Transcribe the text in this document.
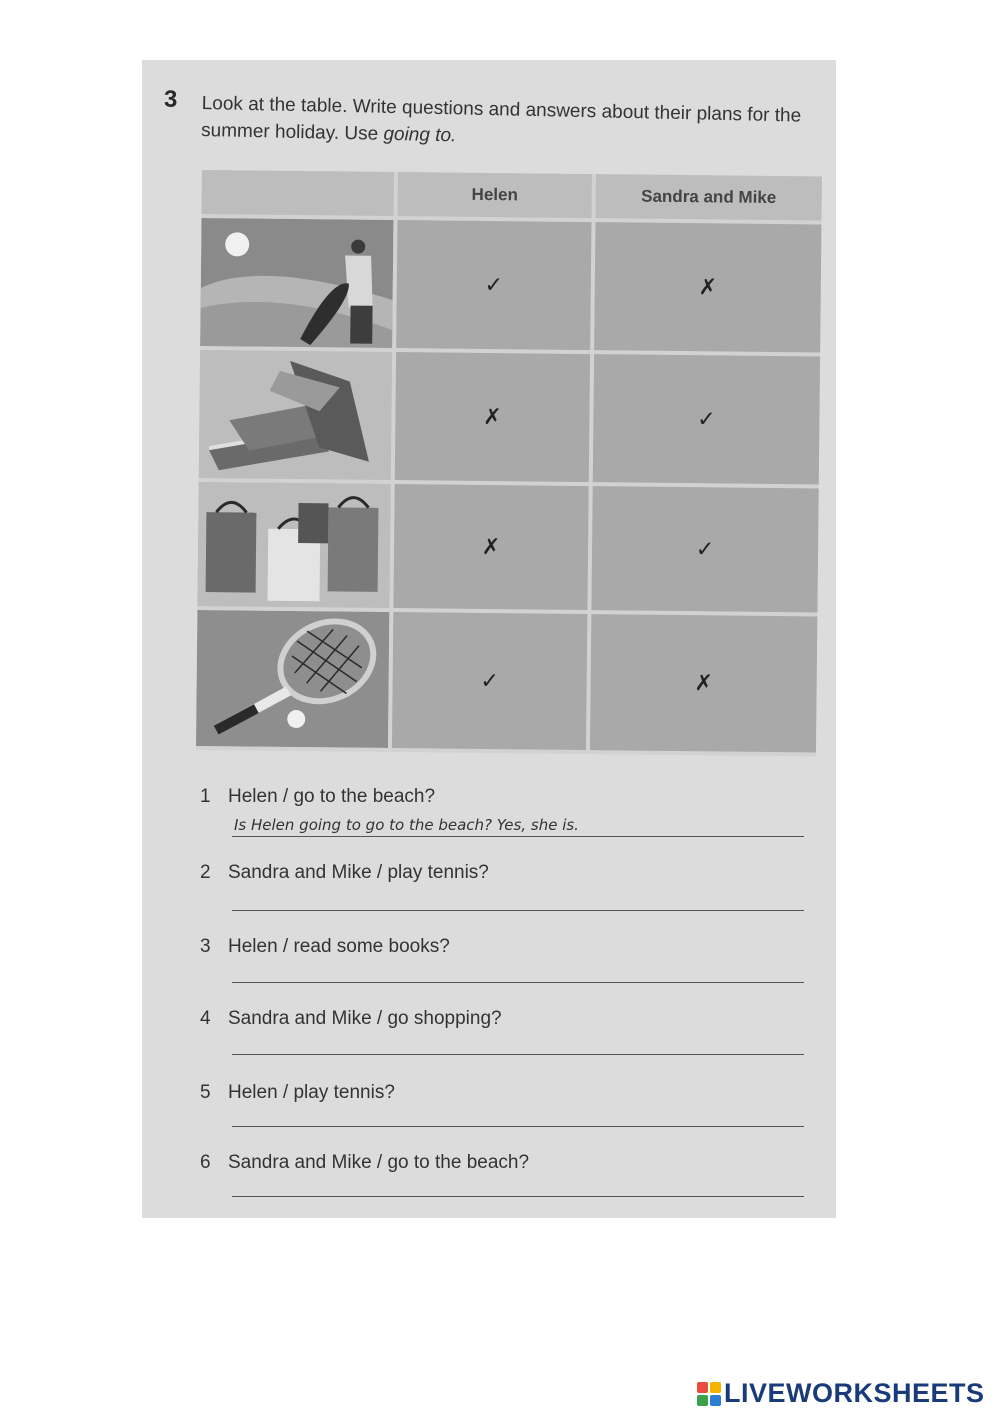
3 Look at the table. Write questions and answers about their plans for the summer holiday. Use going to.
Helen	Sandra and Mike
✓	✗
✗	✓
✗	✓
✓	✗
1 Helen / go to the beach?
Is Helen going to go to the beach? Yes, she is.
2 Sandra and Mike / play tennis?
3 Helen / read some books?
4 Sandra and Mike / go shopping?
5 Helen / play tennis?
6 Sandra and Mike / go to the beach?
LIVEWORKSHEETS
